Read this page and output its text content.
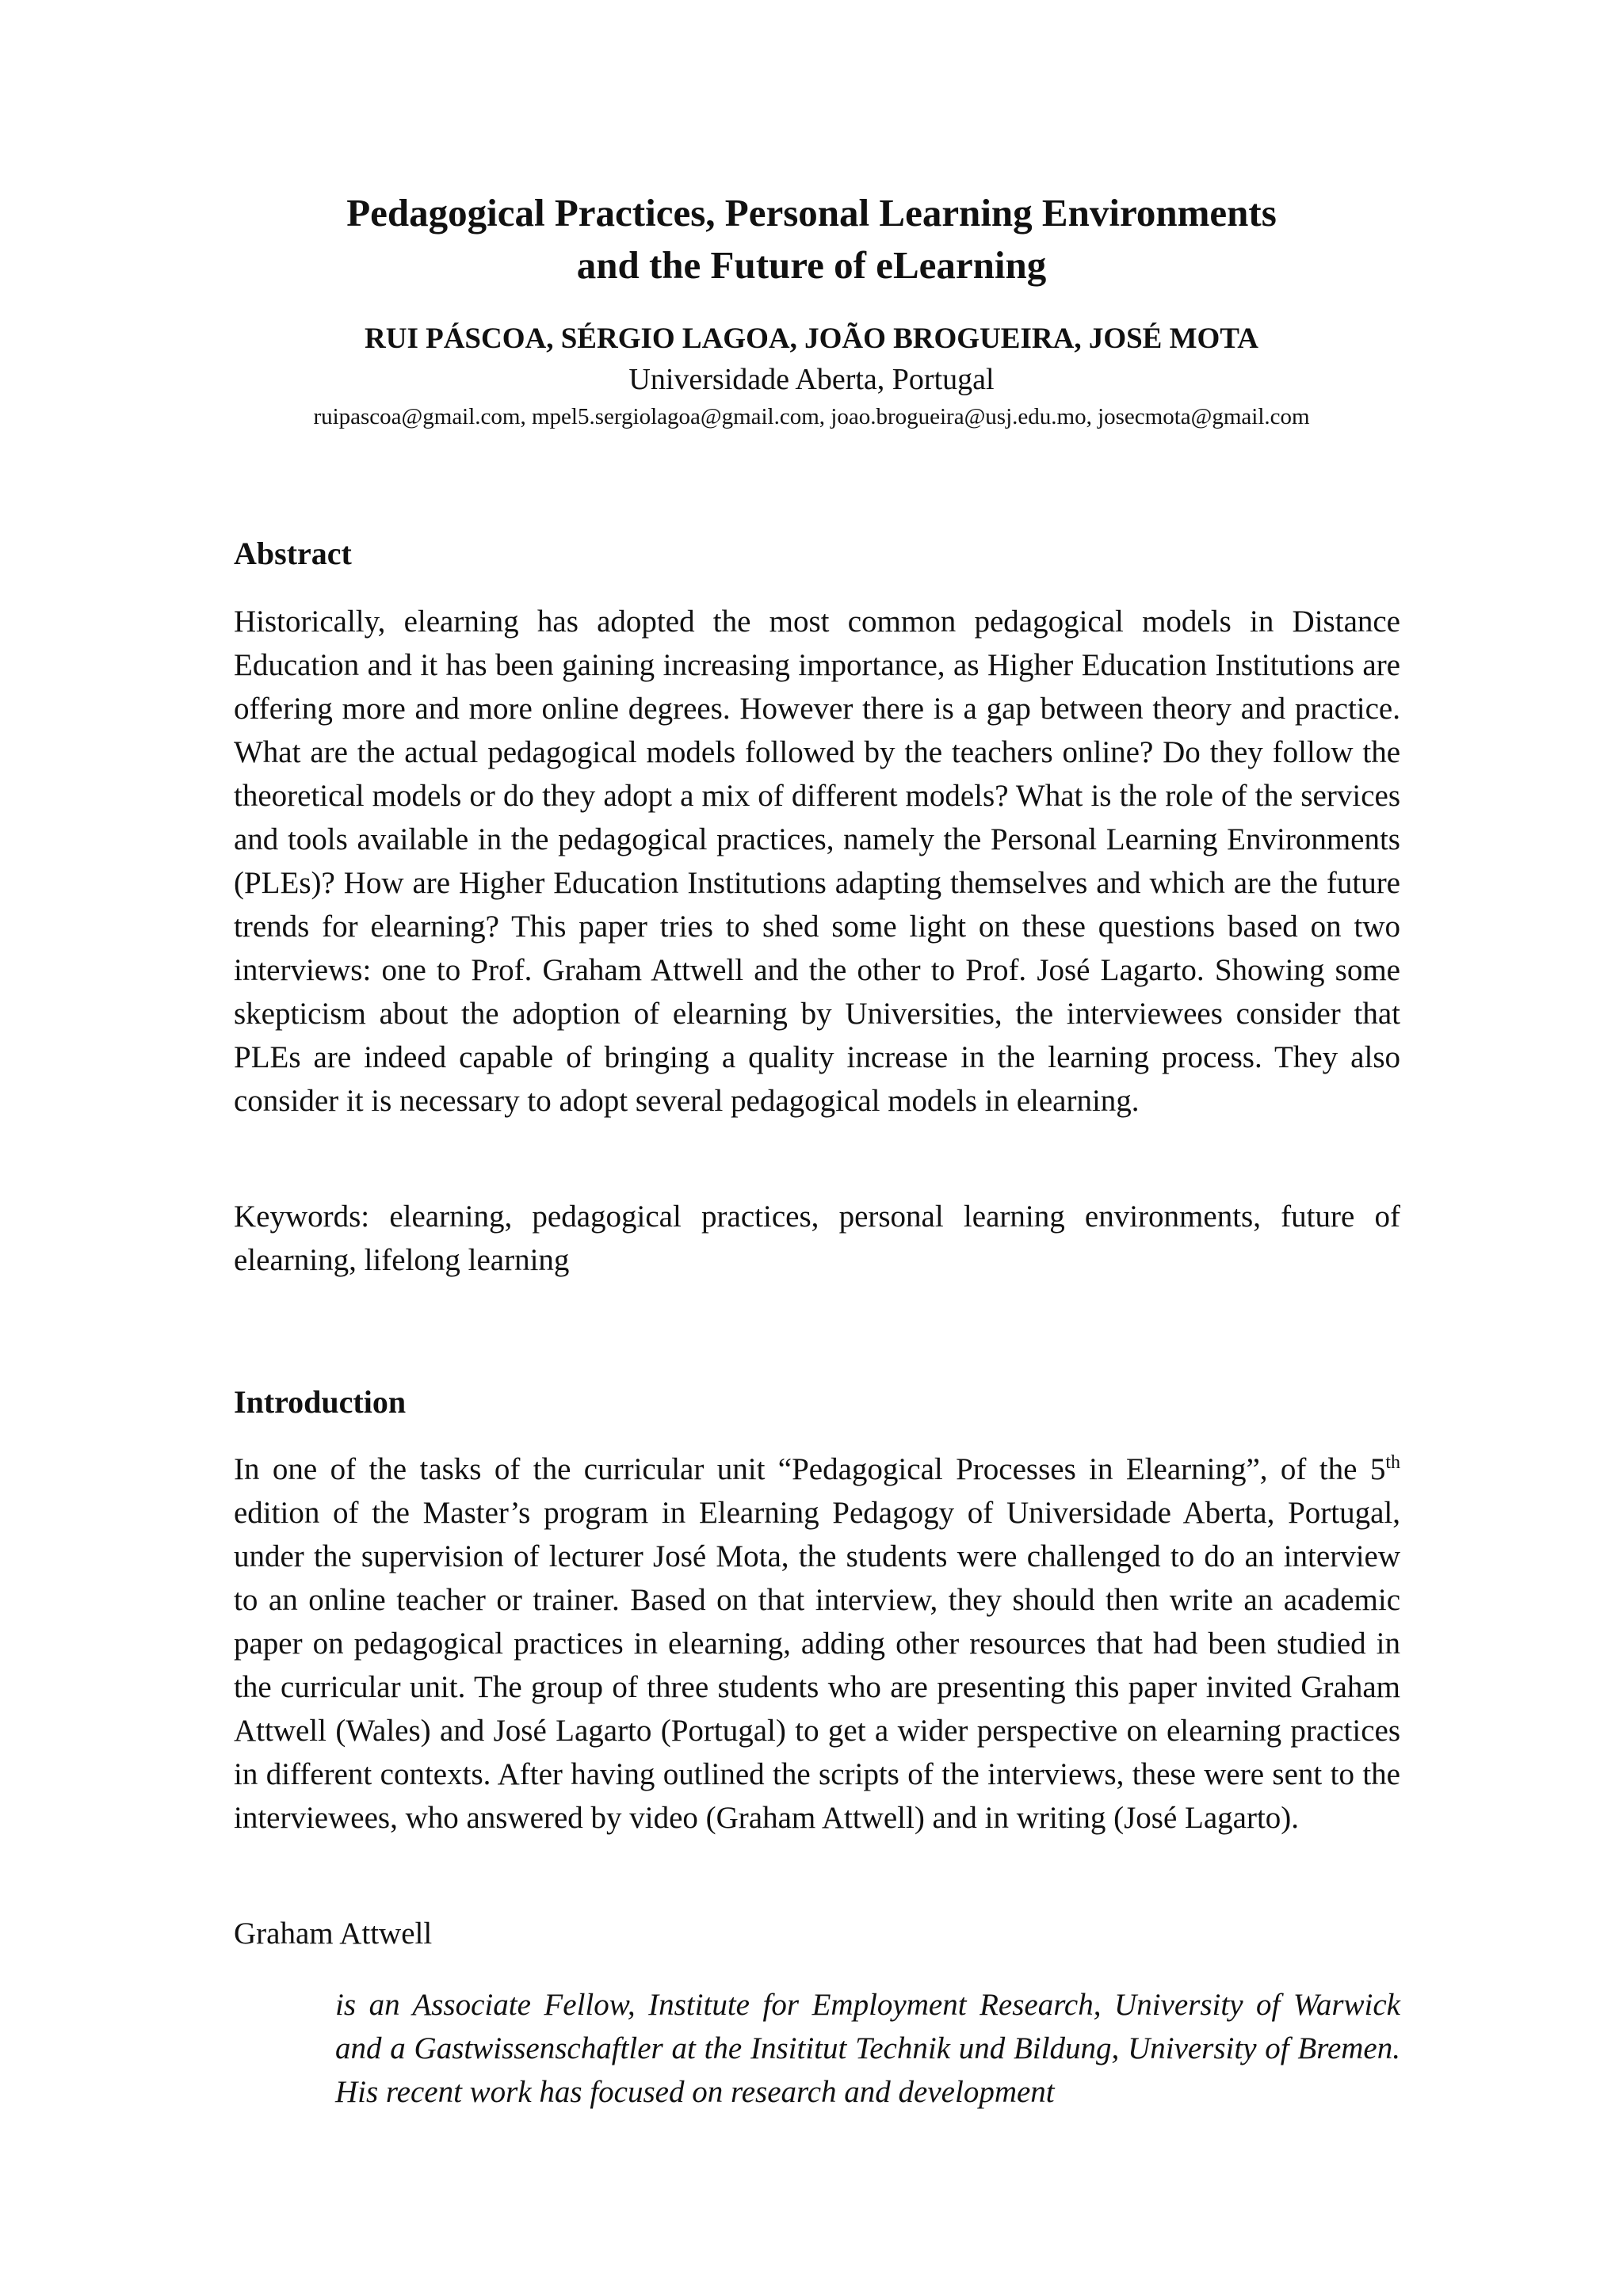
Pedagogical Practices, Personal Learning Environments
and the Future of eLearning
RUI PÁSCOA, SÉRGIO LAGOA, JOÃO BROGUEIRA, JOSÉ MOTA
Universidade Aberta, Portugal
ruipascoa@gmail.com, mpel5.sergiolagoa@gmail.com, joao.brogueira@usj.edu.mo, josecmota@gmail.com
Abstract
Historically, elearning has adopted the most common pedagogical models in Distance Education and it has been gaining increasing importance, as Higher Education Institutions are offering more and more online degrees. However there is a gap between theory and practice. What are the actual pedagogical models followed by the teachers online? Do they follow the theoretical models or do they adopt a mix of different models? What is the role of the services and tools available in the pedagogical practices, namely the Personal Learning Environments (PLEs)? How are Higher Education Institutions adapting themselves and which are the future trends for elearning? This paper tries to shed some light on these questions based on two interviews: one to Prof. Graham Attwell and the other to Prof. José Lagarto. Showing some skepticism about the adoption of elearning by Universities, the interviewees consider that PLEs are indeed capable of bringing a quality increase in the learning process. They also consider it is necessary to adopt several pedagogical models in elearning.
Keywords: elearning, pedagogical practices, personal learning environments, future of elearning, lifelong learning
Introduction
In one of the tasks of the curricular unit “Pedagogical Processes in Elearning”, of the 5th edition of the Master’s program in Elearning Pedagogy of Universidade Aberta, Portugal, under the supervision of lecturer José Mota, the students were challenged to do an interview to an online teacher or trainer. Based on that interview, they should then write an academic paper on pedagogical practices in elearning, adding other resources that had been studied in the curricular unit. The group of three students who are presenting this paper invited Graham Attwell (Wales) and José Lagarto (Portugal) to get a wider perspective on elearning practices in different contexts. After having outlined the scripts of the interviews, these were sent to the interviewees, who answered by video (Graham Attwell) and in writing (José Lagarto).
Graham Attwell
is an Associate Fellow, Institute for Employment Research, University of Warwick and a Gastwissenschaftler at the Insititut Technik und Bildung, University of Bremen. His recent work has focused on research and development
